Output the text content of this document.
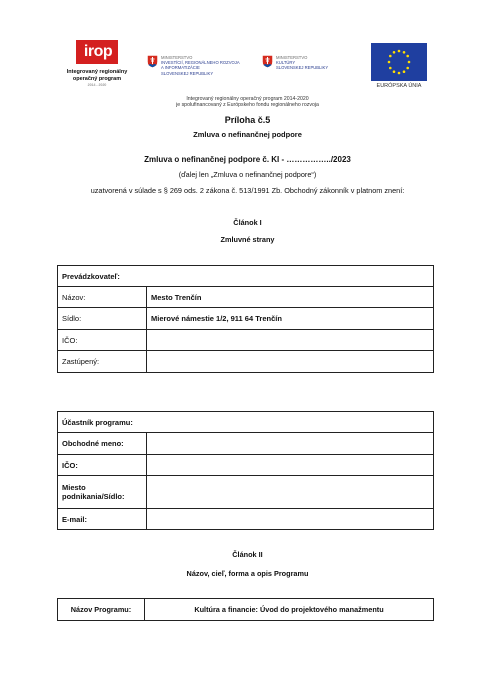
irop
Integrovaný regionálny
operačný program
2014 - 2020
MINISTERSTVO
INVESTÍCIÍ, REGIONÁLNEHO ROZVOJA
A INFORMATIZÁCIE
SLOVENSKEJ REPUBLIKY
MINISTERSTVO
KULTÚRY
SLOVENSKEJ REPUBLIKY
EURÓPSKA ÚNIA
Integrovaný regionálny operačný program 2014-2020
je spolufinancovaný z Európskeho fondu regionálneho rozvoja
Príloha č.5
Zmluva o nefinančnej podpore
Zmluva o nefinančnej podpore č. KI - ……………../2023
(ďalej len „Zmluva o nefinančnej podpore“)
uzatvorená v súlade s § 269 ods. 2 zákona č. 513/1991 Zb. Obchodný zákonník v platnom znení:
Článok I
Zmluvné strany
Prevádzkovateľ:	
Názov:	Mesto Trenčín
Sídlo:	Mierové námestie 1/2, 911 64 Trenčín
IČO:	
Zastúpený:	
Účastník programu:	
Obchodné meno:	
IČO:	
Miesto podnikania/Sídlo:	
E-mail:	
Článok II
Názov, cieľ, forma a opis Programu
Názov Programu:	Kultúra a financie: Úvod do projektového manažmentu
